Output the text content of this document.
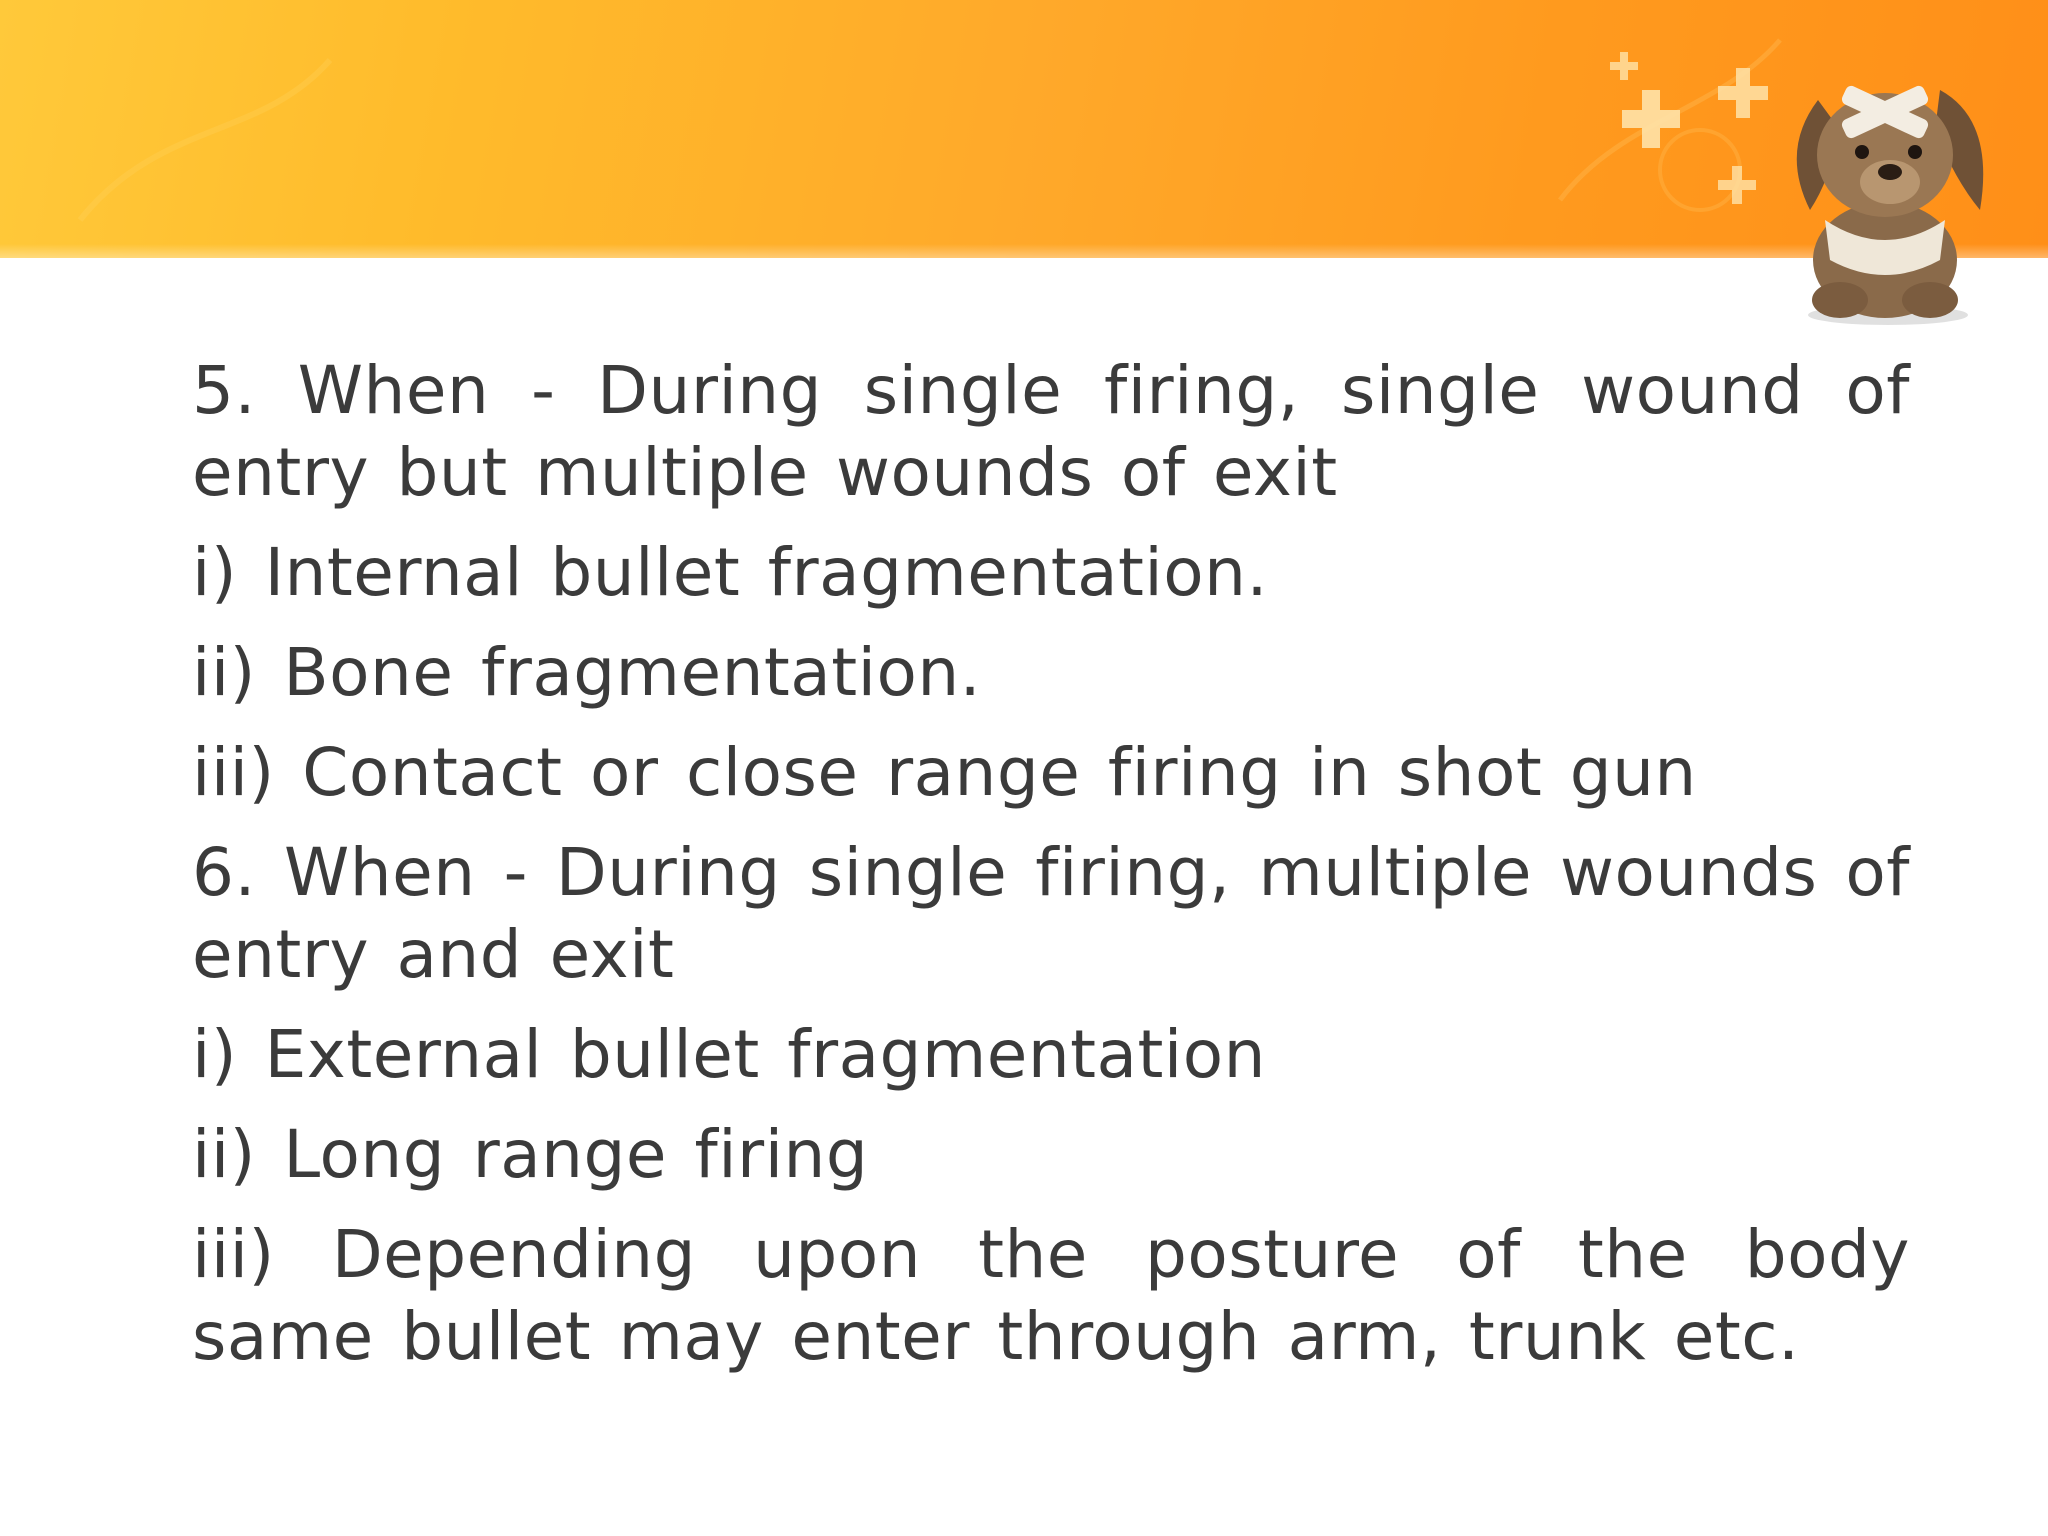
5. When - During single firing, single wound of entry but multiple wounds of exit

i) Internal bullet fragmentation.

ii) Bone fragmentation.

iii) Contact or close range firing in shot gun

6. When - During single firing, multiple wounds of entry and exit

i) External bullet fragmentation

ii) Long range firing

iii) Depending upon the posture of the body same bullet may enter through arm, trunk etc.
